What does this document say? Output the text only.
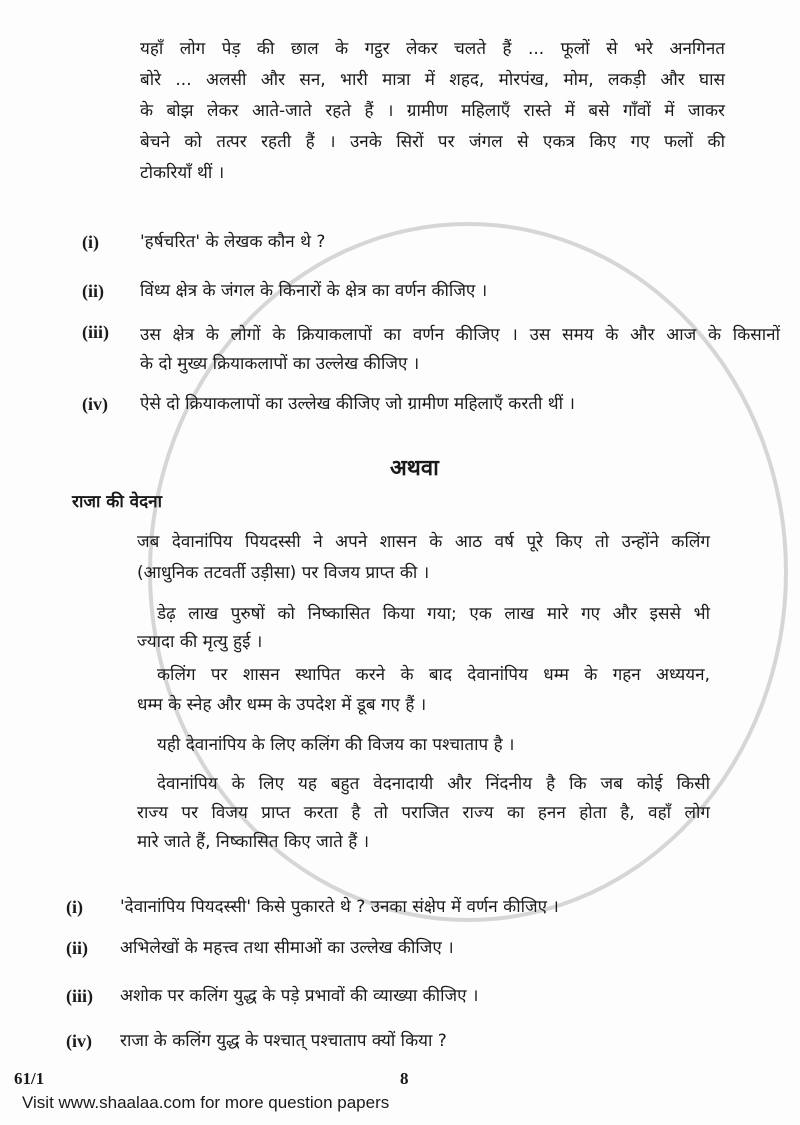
यहाँ लोग पेड़ की छाल के गट्ठर लेकर चलते हैं ... फूलों से भरे अनगिनत
बोरे ... अलसी और सन, भारी मात्रा में शहद, मोरपंख, मोम, लकड़ी और घास
के बोझ लेकर आते-जाते रहते हैं । ग्रामीण महिलाएँ रास्ते में बसे गाँवों में जाकर
बेचने को तत्पर रहती हैं । उनके सिरों पर जंगल से एकत्र किए गए फलों की
टोकरियाँ थीं ।
(i)	'हर्षचरित' के लेखक कौन थे ?
(ii)	विंध्य क्षेत्र के जंगल के किनारों के क्षेत्र का वर्णन कीजिए ।
(iii)	उस क्षेत्र के लोगों के क्रियाकलापों का वर्णन कीजिए । उस समय के और आज के किसानों
के दो मुख्य क्रियाकलापों का उल्लेख कीजिए ।
(iv)	ऐसे दो क्रियाकलापों का उल्लेख कीजिए जो ग्रामीण महिलाएँ करती थीं ।
अथवा
राजा की वेदना
जब देवानांपिय पियदस्सी ने अपने शासन के आठ वर्ष पूरे किए तो उन्होंने कलिंग
(आधुनिक तटवर्ती उड़ीसा) पर विजय प्राप्त की ।
डेढ़ लाख पुरुषों को निष्कासित किया गया; एक लाख मारे गए और इससे भी
ज्यादा की मृत्यु हुई ।
कलिंग पर शासन स्थापित करने के बाद देवानांपिय धम्म के गहन अध्ययन,
धम्म के स्नेह और धम्म के उपदेश में डूब गए हैं ।
यही देवानांपिय के लिए कलिंग की विजय का पश्चाताप है ।
देवानांपिय के लिए यह बहुत वेदनादायी और निंदनीय है कि जब कोई किसी
राज्य पर विजय प्राप्त करता है तो पराजित राज्य का हनन होता है, वहाँ लोग
मारे जाते हैं, निष्कासित किए जाते हैं ।
(i)	'देवानांपिय पियदस्सी' किसे पुकारते थे ? उनका संक्षेप में वर्णन कीजिए ।
(ii)	अभिलेखों के महत्त्व तथा सीमाओं का उल्लेख कीजिए ।
(iii)	अशोक पर कलिंग युद्ध के पड़े प्रभावों की व्याख्या कीजिए ।
(iv)	राजा के कलिंग युद्ध के पश्चात् पश्चाताप क्यों किया ?
61/1	8
Visit www.shaalaa.com for more question papers
